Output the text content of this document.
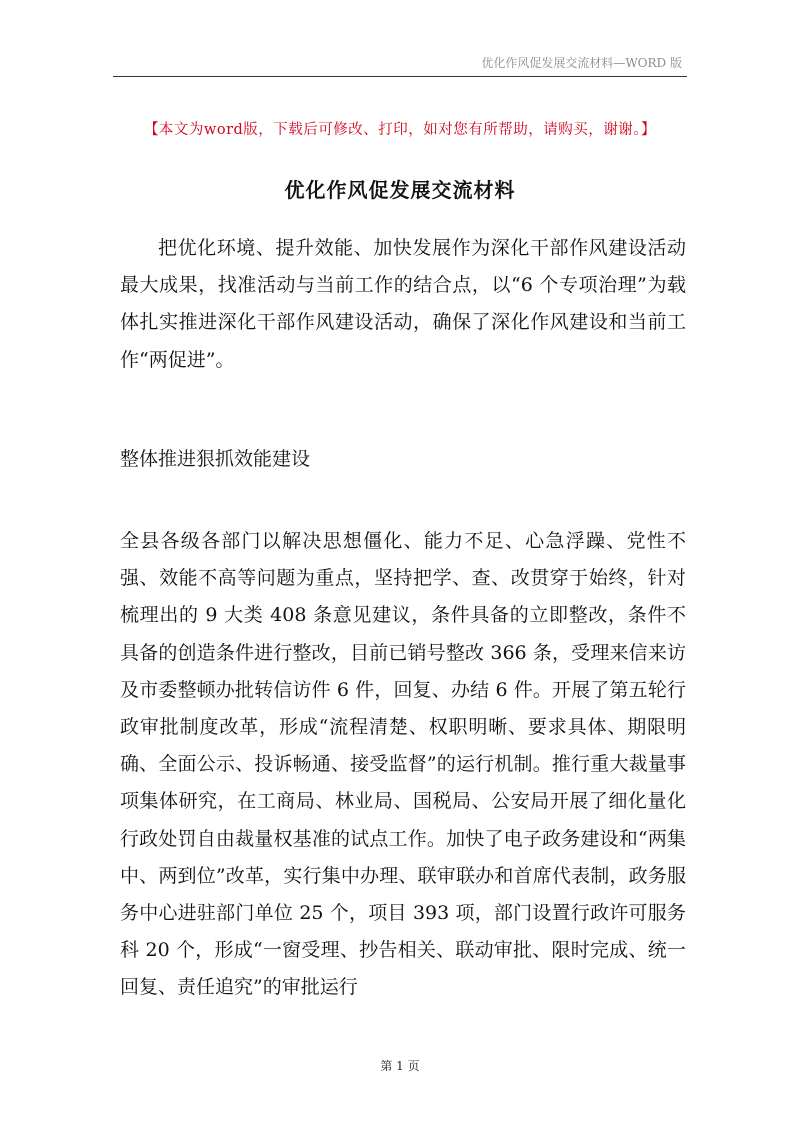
优化作风促发展交流材料—WORD 版
【本文为word版，下载后可修改、打印，如对您有所帮助，请购买，谢谢。】
优化作风促发展交流材料

把优化环境、提升效能、加快发展作为深化干部作风建设活动最大成果，找准活动与当前工作的结合点，以“6 个专项治理”为载体扎实推进深化干部作风建设活动，确保了深化作风建设和当前工作“两促进”。

整体推进狠抓效能建设

全县各级各部门以解决思想僵化、能力不足、心急浮躁、党性不强、效能不高等问题为重点，坚持把学、查、改贯穿于始终，针对梳理出的 9 大类 408 条意见建议，条件具备的立即整改，条件不具备的创造条件进行整改，目前已销号整改 366 条，受理来信来访及市委整顿办批转信访件 6 件，回复、办结 6 件。开展了第五轮行政审批制度改革，形成“流程清楚、权职明晰、要求具体、期限明确、全面公示、投诉畅通、接受监督”的运行机制。推行重大裁量事项集体研究，在工商局、林业局、国税局、公安局开展了细化量化行政处罚自由裁量权基准的试点工作。加快了电子政务建设和“两集中、两到位”改革，实行集中办理、联审联办和首席代表制，政务服务中心进驻部门单位 25 个，项目 393 项，部门设置行政许可服务科 20 个，形成“一窗受理、抄告相关、联动审批、限时完成、统一回复、责任追究”的审批运行

第 1 页
